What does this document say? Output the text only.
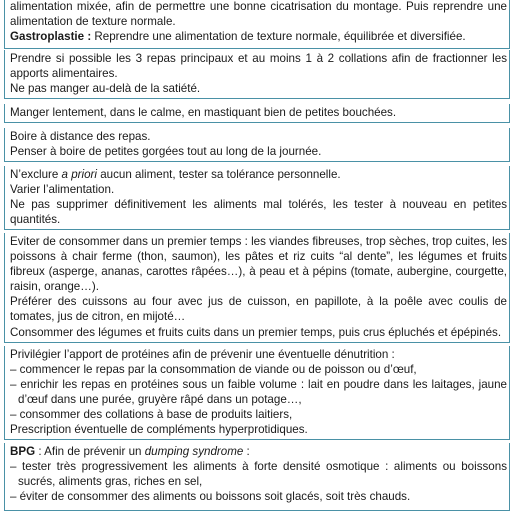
alimentation mixée, afin de permettre une bonne cicatrisation du montage. Puis reprendre une alimentation de texture normale.

Gastroplastie : Reprendre une alimentation de texture normale, équilibrée et diversifiée.

Prendre si possible les 3 repas principaux et au moins 1 à 2 collations afin de fractionner les apports alimentaires.

Ne pas manger au-delà de la satiété.

Manger lentement, dans le calme, en mastiquant bien de petites bouchées.

Boire à distance des repas.

Penser à boire de petites gorgées tout au long de la journée.

N’exclure a priori aucun aliment, tester sa tolérance personnelle.

Varier l’alimentation.

Ne pas supprimer définitivement les aliments mal tolérés, les tester à nouveau en petites quantités.

Eviter de consommer dans un premier temps : les viandes fibreuses, trop sèches, trop cuites, les poissons à chair ferme (thon, saumon), les pâtes et riz cuits “al dente”, les légumes et fruits fibreux (asperge, ananas, carottes râpées…), à peau et à pépins (tomate, aubergine, courgette, raisin, orange…).

Préférer des cuissons au four avec jus de cuisson, en papillote, à la poêle avec coulis de tomates, jus de citron, en mijoté…

Consommer des légumes et fruits cuits dans un premier temps, puis crus épluchés et épépinés.

Privilégier l’apport de protéines afin de prévenir une éventuelle dénutrition :

– commencer le repas par la consommation de viande ou de poisson ou d’œuf,

– enrichir les repas en protéines sous un faible volume : lait en poudre dans les laitages, jaune d’œuf dans une purée, gruyère râpé dans un potage…,

– consommer des collations à base de produits laitiers,

Prescription éventuelle de compléments hyperprotidiques.

BPG : Afin de prévenir un dumping syndrome :

– tester très progressivement les aliments à forte densité osmotique : aliments ou boissons sucrés, aliments gras, riches en sel,

– éviter de consommer des aliments ou boissons soit glacés, soit très chauds.
